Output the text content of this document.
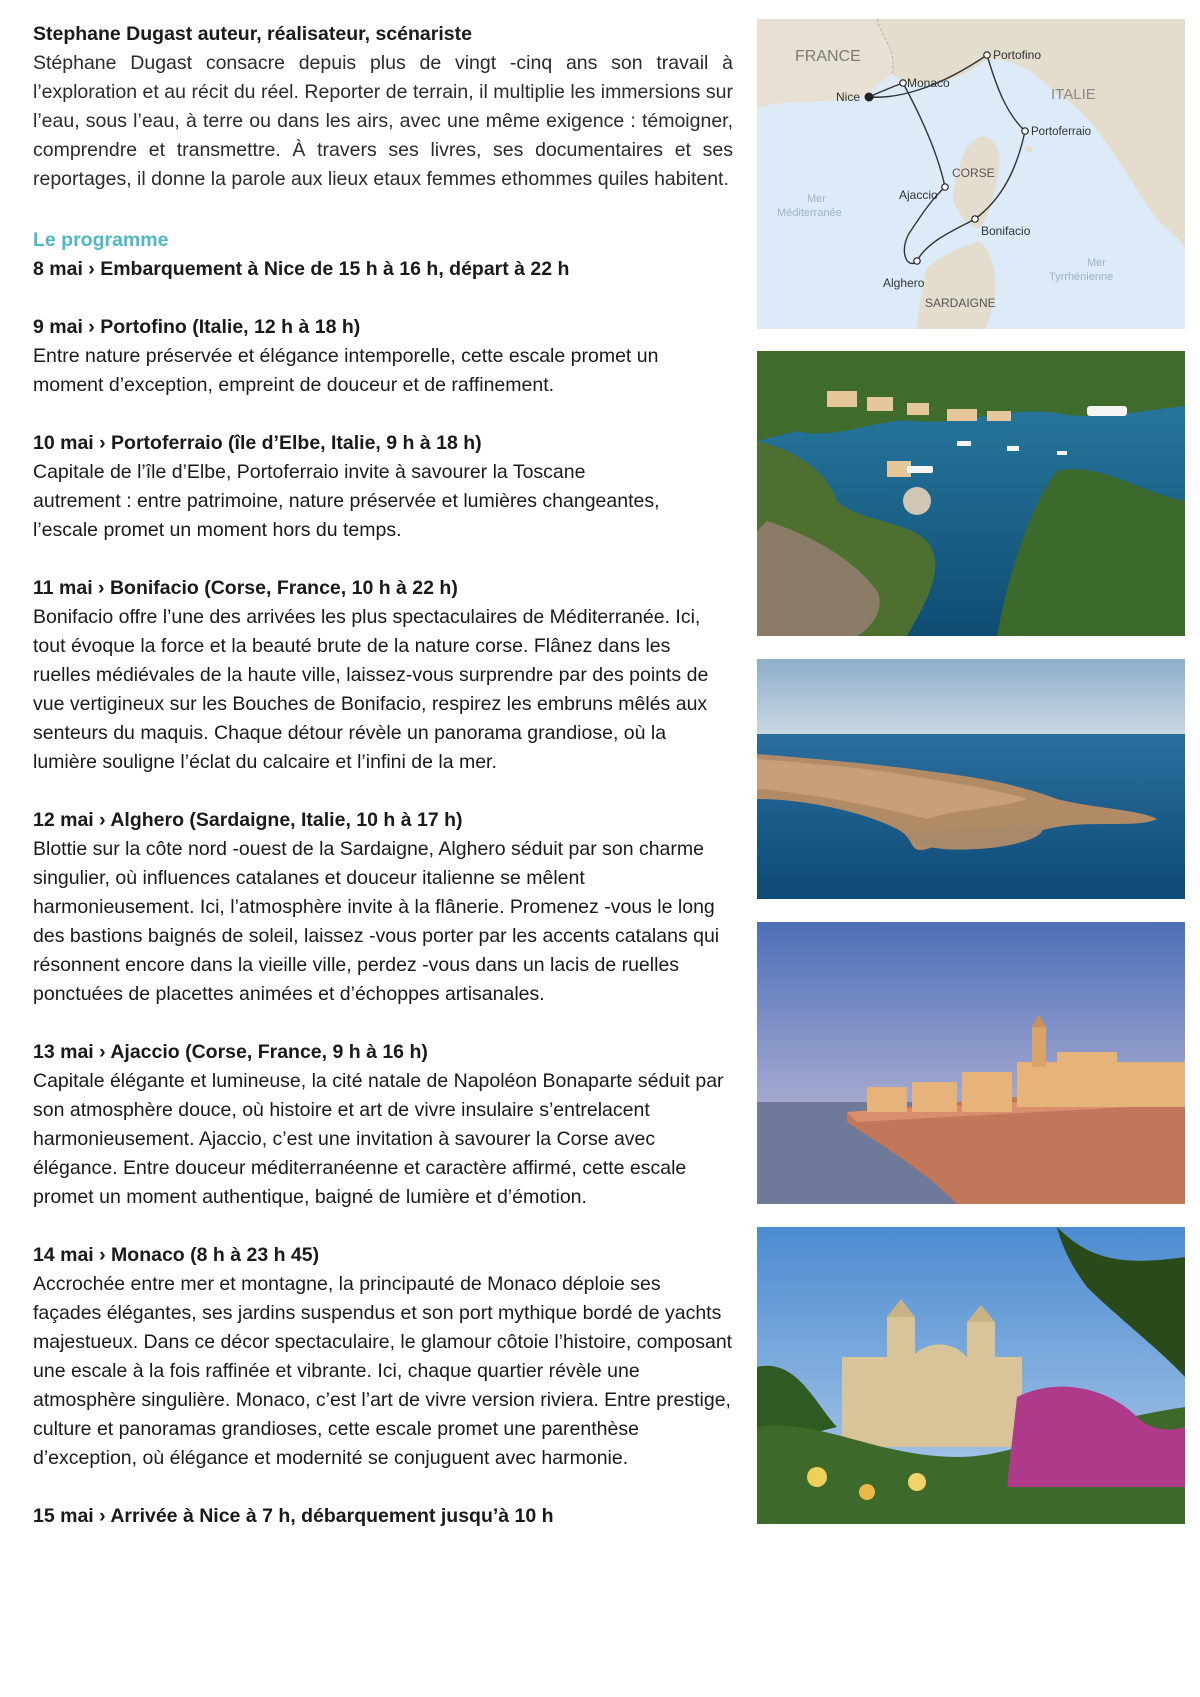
Stephane Dugast auteur, réalisateur, scénariste

Stéphane Dugast consacre depuis plus de vingt -cinq ans son travail à l’exploration et au récit du réel. Reporter de terrain, il multiplie les immersions sur l’eau, sous l’eau, à terre ou dans les airs, avec une même exigence : témoigner, comprendre et transmettre. À travers ses livres, ses documentaires et ses reportages, il donne la parole aux lieux etaux femmes ethommes quiles habitent.

Le programme

8 mai › Embarquement à Nice de 15 h à 16 h, départ à 22 h

9 mai › Portofino (Italie, 12 h à 18 h)

Entre nature préservée et élégance intemporelle, cette escale promet un moment d’exception, empreint de douceur et de raffinement.

10 mai › Portoferraio (île d’Elbe, Italie, 9 h à 18 h)

Capitale de l’île d’Elbe, Portoferraio invite à savourer la Toscane autrement : entre patrimoine, nature préservée et lumières changeantes, l’escale promet un moment hors du temps.

11 mai › Bonifacio (Corse, France, 10 h à 22 h)

Bonifacio offre l’une des arrivées les plus spectaculaires de Méditerranée. Ici, tout évoque la force et la beauté brute de la nature corse. Flânez dans les ruelles médiévales de la haute ville, laissez-vous surprendre par des points de vue vertigineux sur les Bouches de Bonifacio, respirez les embruns mêlés aux senteurs du maquis. Chaque détour révèle un panorama grandiose, où la lumière souligne l’éclat du calcaire et l’infini de la mer.

12 mai › Alghero (Sardaigne, Italie, 10 h à 17 h)

Blottie sur la côte nord -ouest de la Sardaigne, Alghero séduit par son charme singulier, où influences catalanes et douceur italienne se mêlent harmonieusement. Ici, l’atmosphère invite à la flânerie. Promenez -vous le long des bastions baignés de soleil, laissez -vous porter par les accents catalans qui résonnent encore dans la vieille ville, perdez -vous dans un lacis de ruelles ponctuées de placettes animées et d’échoppes artisanales.

13 mai › Ajaccio (Corse, France, 9 h à 16 h)

Capitale élégante et lumineuse, la cité natale de Napoléon Bonaparte séduit par son atmosphère douce, où histoire et art de vivre insulaire s’entrelacent harmonieusement. Ajaccio, c’est une invitation à savourer la Corse avec élégance. Entre douceur méditerranéenne et caractère affirmé, cette escale promet un moment authentique, baigné de lumière et d’émotion.

14 mai › Monaco (8 h à 23 h 45)

Accrochée entre mer et montagne, la principauté de Monaco déploie ses façades élégantes, ses jardins suspendus et son port mythique bordé de yachts majestueux. Dans ce décor spectaculaire, le glamour côtoie l’histoire, composant une escale à la fois raffinée et vibrante. Ici, chaque quartier révèle une atmosphère singulière. Monaco, c’est l’art de vivre version riviera. Entre prestige, culture et panoramas grandioses, cette escale promet une parenthèse d’exception, où élégance et modernité se conjuguent avec harmonie.

15 mai › Arrivée à Nice à 7 h, débarquement jusqu’à 10 h

FRANCE
ITALIE
CORSE
SARDAIGNE
Mer
Méditerranée
Mer
Tyrrhénienne
Nice
Monaco
Portofino
Portoferraio
Ajaccio
Bonifacio
Alghero
